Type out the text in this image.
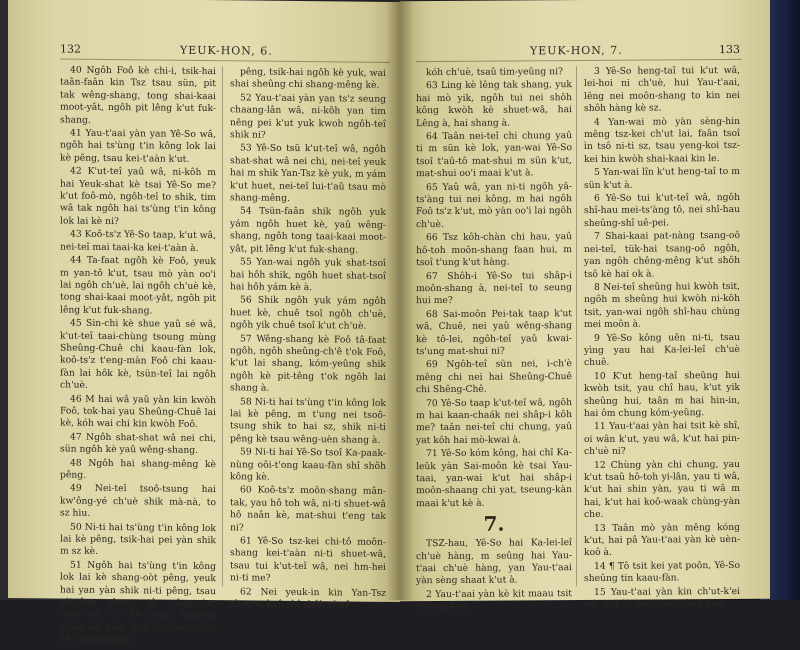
132	YEUK-HON, 6.

40 Ngôh Foô kè chi-i, tsik-hai taân-faân kin Tsz tsau sün, pit tak wêng-shang, tong shai-kaai moot-yât, ngôh pit lêng k'ut fuk-shang.

41 Yau-t'aai yàn yan Yê-So wâ, ngôh hai ts'ùng t'in kông lok lai kè pêng, tsau kei-t'aàn k'ut.

42 K'ut-teî yaû wâ, ni-kôh m hai Yeuk-shat kè tsai Yê-So me? k'ut foô-mò, ngôh-teî to shik, tim wâ tak ngôh hai ts'ùng t'in kông lok lai kè ni?

43 Koô-ts'z Yê-So taap, k'ut wâ, nei-teî mai taai-ka kei-t'aàn à.

44 Ta-faat ngôh kè Foô, yeuk m yan-tô k'ut, tsau mò yàn oo'i lai ngôh ch'uè, lai ngôh ch'uè kè, tong shai-kaai moot-yât, ngôh pit lêng k'ut fuk-shang.

45 Sin-chi kè shue yaû sé wâ, k'ut-teî taai-chùng tsoung mùng Sheûng-Chuê chi kaau-fàn lok, koô-ts'z t'eng-màn Foô chi kaau-fàn lai hôk kè, tsün-teî lai ngôh ch'uè.

46 M hai wâ yaû yàn kin kwòh Foô, tok-hai yau Sheûng-Chuê lai kè, kóh wai chi kin kwòh Foô.

47 Ngôh shat-shat wâ nei chi, sün ngôh kè yaû wêng-shang.

48 Ngôh hai shang-mêng kè pêng.

49 Nei-teî tsoô-tsung hai kw'ông-yé ch'uè shik mà-nà, to sz hiu.

50 Ni-ti hai ts'ùng t'in kông lok lai kè pêng, tsik-hai pei yàn shik m sz kè.

51 Ngôh hai ts'ùng t'in kông lok lai kè shang-oòt pêng, yeuk hai yan yàn shik ni-ti pêng, tsau pit-têng shang tô wêng-uèn, ngôh sò ts'z kè pêng, tsik-hai ngôh kè yuk, wai ts'z shai-kaai kè shang-mêng.

pêng, tsik-hai ngôh kè yuk, wai shai sheûng chi shang-mêng kè.

52 Yau-t'aai yàn yan ts'z seung chaang-lân wâ, ni-kôh yan tim nêng pei k'ut yuk kwoh ngôh-teî shik ni?

53 Yê-So tsü k'ut-teî wâ, ngôh shat-shat wâ nei chi, nei-teî yeuk hai m shik Yan-Tsz kè yuk, m yám k'ut huet, nei-teî lui-t'aû tsau mò shang-mêng.

54 Tsün-faân shik ngôh yuk yám ngôh huet kè, yaû wêng-shang, ngôh tong taai-kaai moot-yât, pit lêng k'ut fuk-shang.

55 Yan-wai ngôh yuk shat-tsoî hai hôh shik, ngôh huet shat-tsoî hai hôh yám kè à.

56 Shik ngôh yuk yám ngôh huet kè, chuê tsoî ngôh ch'uè, ngôh yik chuê tsoî k'ut ch'uè.

57 Wêng-shang kè Foô tâ-faat ngôh, ngôh sheûng-ch'ê t'ok Foô, k'ut lai shang, kóm-yeûng shik ngôh kè pit-têng t'ok ngôh lai shang à.

58 Ni-ti hai ts'ùng t'in kông lok lai kè pêng, m t'ung nei tsoô-tsung shik to hai sz, shik ni-ti pêng kè tsau wêng-uèn shang à.

59 Ni-ti hai Yê-So tsoî Ka-paak-nùng oôi-t'ong kaau-fàn shî shôh kông kè.

60 Koô-ts'z moôn-shang mân-tak, yau hô toh wâ, ni-ti shuet-wâ hô naân kè, mat-shui t'eng tak ni?

61 Yê-So tsz-kei chi-tô moôn-shang kei-t'aàn ni-ti shuet-wâ, tsau tui k'ut-teî wâ, nei hm-hei ni-ti me?

62 Nei yeuk-in kin Yan-Tsz sheung kaû shî shôh chuê

YEUK-HON, 7.	133

kóh ch'uè, tsaû tim-yeûng ni?

63 Ling kè lêng tak shang, yuk hai mò yik, ngôh tui nei shôh kông kwòh kè shuet-wâ, hai Lêng à, hai shang à.

64 Taân nei-teî chi chung yaû ti m sün kè lok, yan-wai Yê-So tsoî t'aû-tô mat-shui m sün k'ut, mat-shui oo'i maai k'ut à.

65 Yaû wâ, yan ni-ti ngôh yâ-ts'àng tui nei kông, m hai ngôh Foô ts'z k'ut, mò yàn oo'i lai ngôh ch'uè.

66 Tsz kôh-chàn chi hau, yaû hô-toh moôn-shang faan hui, m tsoî t'ung k'ut hàng.

67 Shôh-i Yê-So tui shâp-i moôn-shang à, nei-teî to seung hui me?

68 Sai-moôn Pei-tak taap k'ut wâ, Chuê, nei yaû wêng-shang kè tô-lei, ngôh-teî yaû kwai-ts'ung mat-shui ni?

69 Ngôh-teî sün nei, i-ch'è mêng chi nei hai Sheûng-Chuê chi Shêng-Chê.

70 Yê-So taap k'ut-teî wâ, ngôh m hai kaan-chaák nei shâp-i kôh me? taân nei-teî chi chung, yaû yat kôh hai mò-kwai à.

71 Yê-So kóm kông, hai chî Ka-leûk yàn Sai-moôn kè tsai Yau-taai, yan-wai k'ut hai shâp-i moôn-shaang chi yat, tseung-kàn maai k'ut kè à.

7.

TSZ-hau, Yê-So hai Ka-lei-leî ch'uè hàng, m seûng hai Yau-t'aai ch'uè hàng, yan Yau-t'aai yàn sèng shaat k'ut à.

2 Yau-t'aai yàn kè kit maau tsit tsaung-kàn.

3 Yê-So heng-taî tui k'ut wâ, lei-hoi ni ch'uè, hui Yau-t'aai, lêng nei moôn-shang to kin nei shôh hàng kè sz.

4 Yan-wai mò yàn sèng-hin mêng tsz-kei ch'ut lai, faân tsoî ìn tsô ni-ti sz, tsau yeng-koi tsz-kei hin kwòh shai-kaai kin le.

5 Yan-wai lîn k'ut heng-taî to m sün k'ut à.

6 Yê-So tui k'ut-teî wâ, ngôh shî-hau mei-ts'àng tô, nei shî-hau sheûng-shî uê-pei.

7 Shai-kaai pat-nàng tsang-oô nei-teî, tük-hai tsang-oô ngôh, yan ngôh chêng-mêng k'ut shôh tsô kè hai ok à.

8 Nei-teî sheûng hui kwòh tsit, ngôh m sheûng hui kwòh ni-kôh tsit, yan-wai ngôh shî-hau chùng mei moôn à.

9 Yê-So kông uên ni-ti, tsau yìng yau hai Ka-lei-leî ch'uè chuê.

10 K'ut heng-taî sheûng hui kwòh tsit, yau chî hau, k'ut yik sheûng hui, taân m hai hin-in, hai ôm chung kóm-yeûng.

11 Yau-t'aai yàn hai tsit kè shî, oi wân k'ut, yau wâ, k'ut hai pin-ch'uè ni?

12 Chùng yàn chi chung, yau k'ut tsaû hô-toh yi-lân, yau ti wâ, k'ut hai shin yàn, yau ti wâ m hai, k'ut hai koô-waak chùng-yàn che.

13 Taân mò yàn mêng kóng k'ut, hai pâ Yau-t'aai yàn kè uèn-koô à.

14 ¶ Tô tsit kei yat poôn, Yê-So sheûng tin kaau-fàn.

15 Yau-t'aai yàn kin ch'ut-k'ei wâ, ni-kôh yan mei-ts'àng hôk
